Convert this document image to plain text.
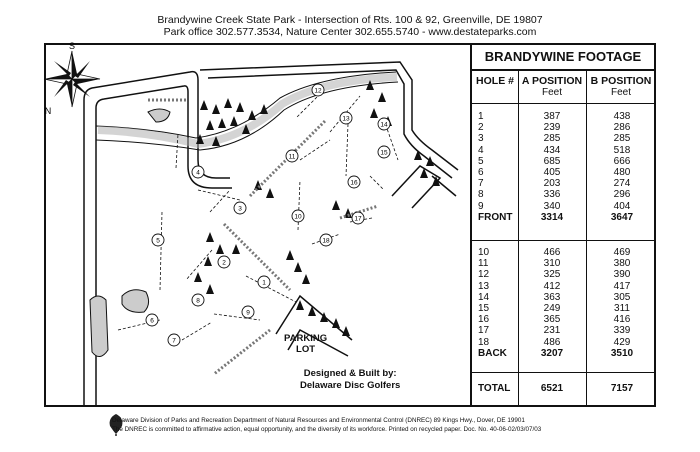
Brandywine Creek State Park - Intersection of Rts. 100 & 92, Greenville, DE 19807
Park office 302.577.3534, Nature Center 302.655.5740 - www.destateparks.com
S
N
1
2
3
4
5
6
7
8
9
10
11
12
13
14
15
16
17
18
PARKING
LOT
Designed & Built by:
Delaware Disc Golfers
BRANDYWINE FOOTAGE
HOLE # A POSITION
Feet
B POSITION
Feet
1	387	438
2	239	286
3	285	285
4	434	518
5	685	666
6	405	480
7	203	274
8	336	296
9	340	404
FRONT	3314	3647
10	466	469
11	310	380
12	325	390
13	412	417
14	363	305
15	249	311
16	365	416
17	231	339
18	486	429
BACK	3207	3510
TOTAL	6521	7157
Delaware Division of Parks and Recreation Department of Natural Resources and Environmental Control (DNREC) 89 Kings Hwy., Dover, DE 19901
The DNREC is committed to affirmative action, equal opportunity, and the diversity of its workforce. Printed on recycled paper. Doc. No. 40-06-02/03/07/03
